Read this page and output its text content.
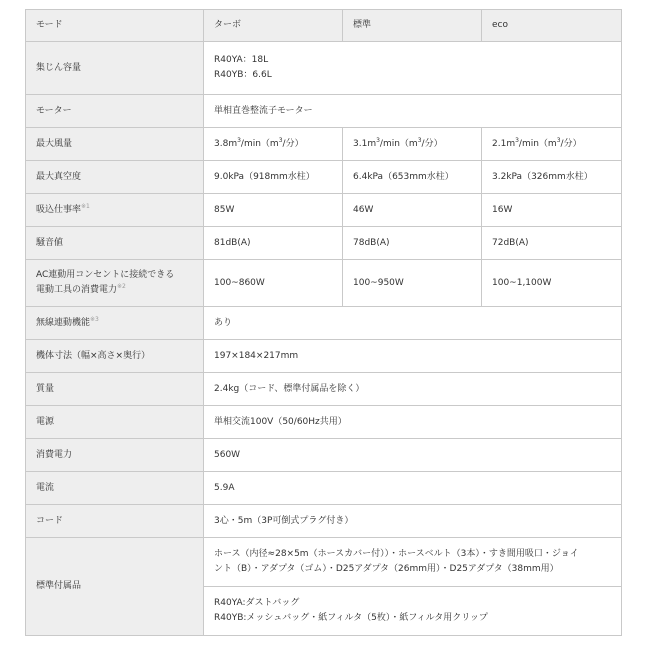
モード	ターボ	標準	eco
集じん容量	R40YA：18L
R40YB：6.6L		

モーター	単相直巻整流子モーター		
最大風量	$3.8m^3/\min(m^3/$分）	$3.1m^3/\min(m^3/$分）	$2.1m^3/\min(m^3/$分）
最大真空度	9.0kPa（918mm水柱）	6.4kPa（653mm水柱）	3.2kPa（326mm水柱）
吸込仕事率$^{※1}$	85W	46W	16W
騒音値	81dB(A)	78dB(A)	72dB(A)

AC連動用コンセントに接続できる
電動工具の消費電力$^{※2}$	100~860W	100~950W	100~1,100W
無線連動機能$^{※3}$	あり		
機体寸法（幅×高さ×奥行）	197×184×217mm		
質量	2.4kg（コード、標準付属品を除く）		
電源	単相交流100V（50/60Hz共用）		
消費電力	560W		
電流	5.9A		
コード	3心・5m（3P可倒式プラグ付き）		
標準付属品	ホース（内径≈28×5m（ホースカバー付））・ホースベルト（3本）・すき間用吸口・ジョイ
ント（B）・アダプタ（ゴム）・D25アダプタ（26mm用）・D25アダプタ（38mm用）		

	R40YA:ダストバッグ
R40YB:メッシュバッグ・紙フィルタ（5枚）・紙フィルタ用クリップ		
